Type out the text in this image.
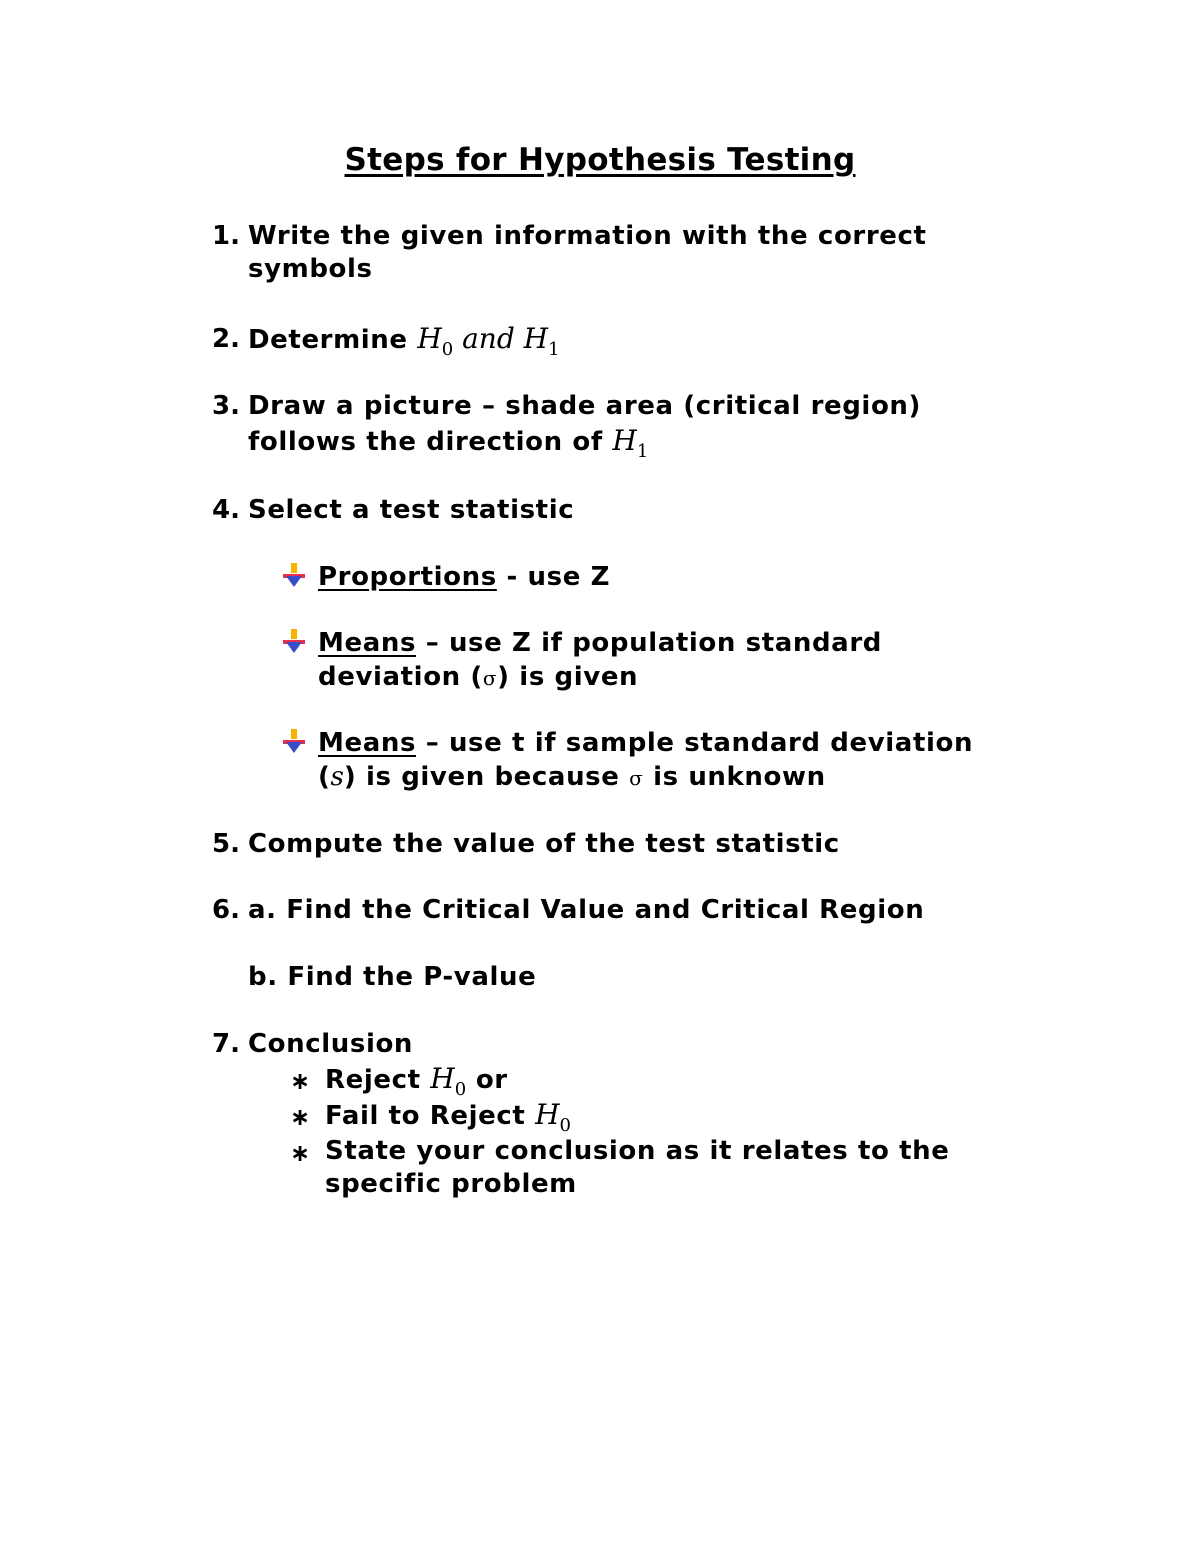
Steps for Hypothesis Testing
1. Write the given information with the correct
symbols
2. Determine $H_0$ and $H_1$
3. Draw a picture – shade area (critical region)
follows the direction of $H_1$
4. Select a test statistic
Proportions - use Z
Means – use Z if population standard
deviation (σ) is given
Means – use t if sample standard deviation
(s) is given because σ is unknown
5. Compute the value of the test statistic
6. a. Find the Critical Value and Critical Region
b. Find the P-value
7. Conclusion
∗ Reject $H_0$ or
∗ Fail to Reject $H_0$
∗ State your conclusion as it relates to the
specific problem
